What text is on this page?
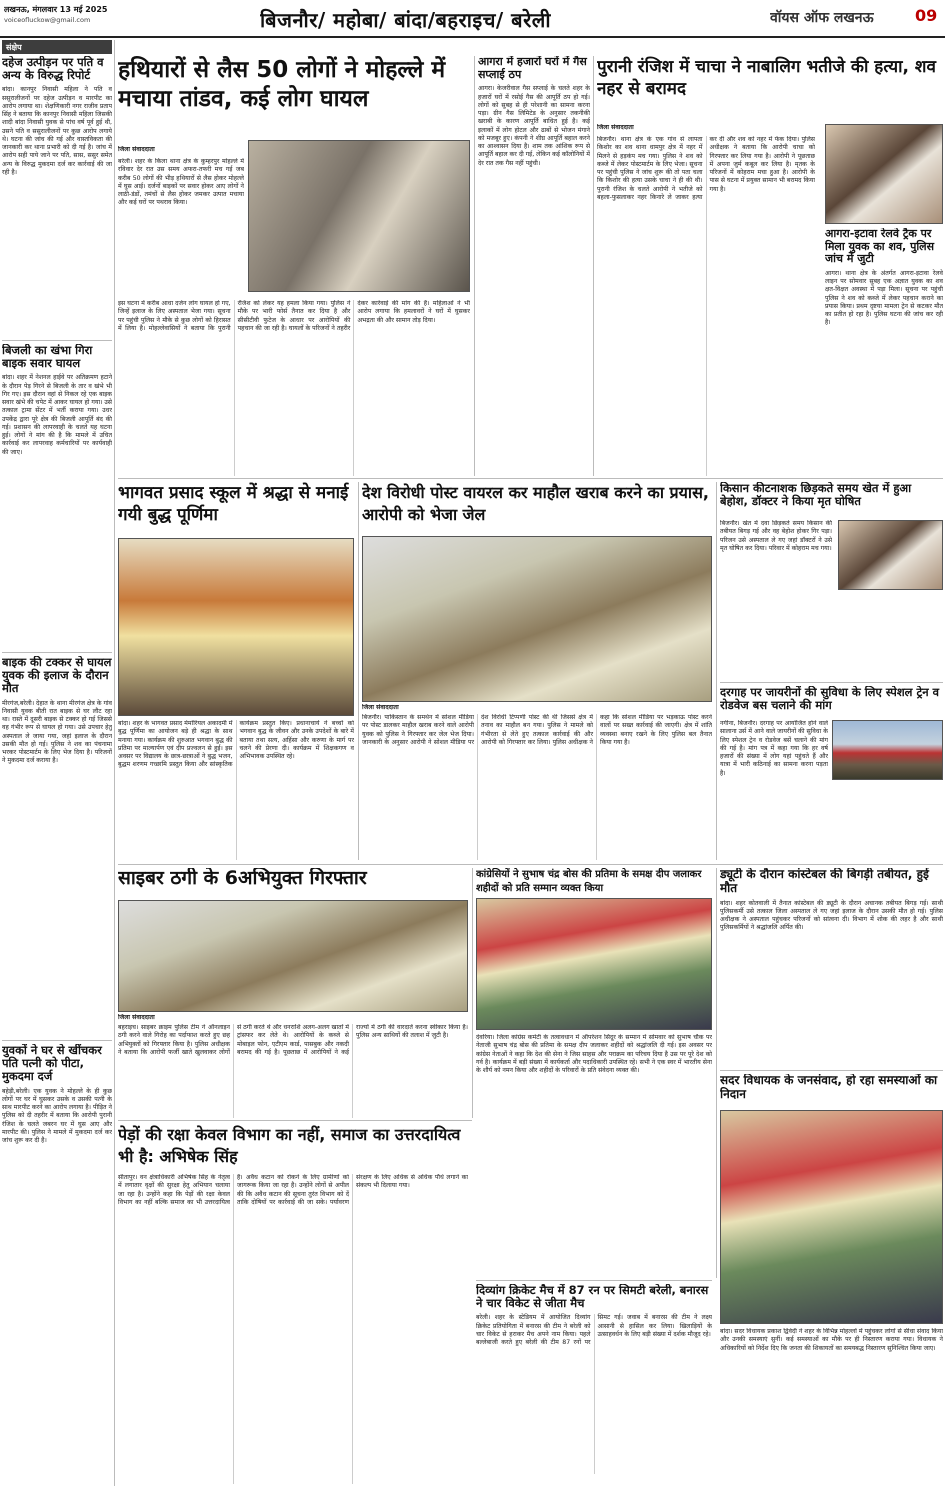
लखनऊ, मंगलवार 13 मई 2025
voiceofluckow@gmail.com	बिजनौर/ महोबा/ बांदा/बहराइच/ बरेली	वॉयस ऑफ लखनऊ	09
संक्षेप
दहेज उत्पीड़न पर पति व अन्य के विरुद्ध रिपोर्ट
बांदा। कानपुर निवासी महिला ने पति व ससुरालीजनों पर दहेज उत्पीड़न व मारपीट का आरोप लगाया था। शेक्षणिकारी नगर राजीव प्रताप सिंह ने बताया कि कानपुर निवासी महिला जिसकी शादी बांदा निवासी युवक से पांच वर्ष पूर्व हुई थी, उसने पति व ससुरालीजनों पर कुछ आरोप लगाये थे। घटना की जांच की गई और वास्तविकता की जानकारी कर थाना प्रभारी को दी गई है। जांच में आरोप सही पाये जाने पर पति, सास, ससुर समेत अन्य के विरुद्ध मुकदमा दर्ज कर कार्रवाई की जा रही है।
बिजली का खंभा गिरा बाइक सवार घायल
बांदा। शहर में नेशनल हाईवे पर अतिक्रमण हटाने के दौरान पेड़ गिरने से बिजली के तार व खंभे भी गिर गए। इस दौरान वहां से निकल रहे एक बाइक सवार खंभे की चपेट में आकर घायल हो गया। उसे तत्काल ट्रामा सेंटर में भर्ती कराया गया। उधर उपकेंद्र द्वारा पूरे क्षेत्र की बिजली आपूर्ति बंद की गई। प्रशासन की लापरवाही के चलते यह घटना हुई। लोगों ने मांग की है कि मामले में उचित कार्रवाई कर लापरवाह कर्मचारियों पर कार्यवाही की जाए।
बाइक की टक्कर से घायल युवक की इलाज के दौरान मौत
मीरगंज,बरेली। देहात के थाना मीरगंज क्षेत्र के गांव निवासी युवक बीती रात बाइक से घर लौट रहा था। रास्ते में दूसरी बाइक से टक्कर हो गई जिससे वह गंभीर रूप से घायल हो गया। उसे उपचार हेतु अस्पताल ले जाया गया, जहां इलाज के दौरान उसकी मौत हो गई। पुलिस ने शव का पंचनामा भरकर पोस्टमार्टम के लिए भेज दिया है। परिजनों ने मुकदमा दर्ज कराया है।
युवकों ने घर से खींचकर पति पत्नी को पीटा, मुकदमा दर्ज
बहेड़ी,बरेली। एक युवक ने मोहल्ले के ही कुछ लोगों पर घर में घुसकर उसके व उसकी पत्नी के साथ मारपीट करने का आरोप लगाया है। पीड़ित ने पुलिस को दी तहरीर में बताया कि आरोपी पुरानी रंजिश के चलते जबरन घर में घुस आए और मारपीट की। पुलिस ने मामले में मुकदमा दर्ज कर जांच शुरू कर दी है।
हथियारों से लैस 50 लोगों ने मोहल्ले में मचाया तांडव, कई लोग घायल
जिला संवाददाता
बरेली। शहर के किला थाना क्षेत्र के कुम्हरपुर मोहल्ले में रविवार देर रात उस समय अफरा-तफरी मच गई जब करीब 50 लोगों की भीड़ हथियारों से लैस होकर मोहल्ले में घुस आई। दर्जनों बाइकों पर सवार होकर आए लोगों ने लाठी-डंडों, तमंचों से लैस होकर जमकर उत्पात मचाया और कई घरों पर पथराव किया।
इस घटना में करीब आधा दर्जन लोग घायल हो गए, जिन्हें इलाज के लिए अस्पताल भेजा गया। सूचना पर पहुंची पुलिस ने मौके से कुछ लोगों को हिरासत में लिया है। मोहल्लेवासियों ने बताया कि पुरानी रंजिश को लेकर यह हमला किया गया। पुलिस ने मौके पर भारी फोर्स तैनात कर दिया है और सीसीटीवी फुटेज के आधार पर आरोपियों की पहचान की जा रही है। घायलों के परिजनों ने तहरीर देकर कार्रवाई की मांग की है। महिलाओं ने भी आरोप लगाया कि हमलावरों ने घरों में घुसकर अभद्रता की और सामान तोड़ दिया।
आगरा में हजारों घरों में गैस सप्लाई ठप
आगरा। केजरीवाल गैस सप्लाई के चलते शहर के हजारों घरों में रसोई गैस की आपूर्ति ठप हो गई। लोगों को सुबह से ही परेशानी का सामना करना पड़ा। ग्रीन गैस लिमिटेड के अनुसार तकनीकी खराबी के कारण आपूर्ति बाधित हुई है। कई इलाकों में लोग होटल और ढाबों से भोजन मंगाने को मजबूर हुए। कंपनी ने शीघ्र आपूर्ति बहाल करने का आश्वासन दिया है। शाम तक आंशिक रूप से आपूर्ति बहाल कर दी गई, लेकिन कई कॉलोनियों में देर रात तक गैस नहीं पहुंची।
पुरानी रंजिश में चाचा ने नाबालिग भतीजे की हत्या, शव नहर से बरामद
जिला संवाददाता
बिजनौर। थाना क्षेत्र के एक गांव से लापता किशोर का शव थाना धामपुर क्षेत्र में नहर में मिलने से हड़कंप मच गया। पुलिस ने शव को कब्जे में लेकर पोस्टमार्टम के लिए भेजा। सूचना पर पहुंची पुलिस ने जांच शुरू की तो पता चला कि किशोर की हत्या उसके चाचा ने ही की थी। पुरानी रंजिश के चलते आरोपी ने भतीजे को बहला-फुसलाकर नहर किनारे ले जाकर हत्या कर दी और शव को नहर में फेंक दिया। पुलिस अधीक्षक ने बताया कि आरोपी चाचा को गिरफ्तार कर लिया गया है। आरोपी ने पूछताछ में अपना जुर्म कबूल कर लिया है। मृतक के परिजनों में कोहराम मचा हुआ है। आरोपी के पास से घटना में प्रयुक्त सामान भी बरामद किया गया है।
आगरा-इटावा रेलवे ट्रैक पर मिला युवक का शव, पुलिस जांच में जुटी
आगरा। थाना क्षेत्र के अंतर्गत आगरा-इटावा रेलवे लाइन पर सोमवार सुबह एक अज्ञात युवक का शव क्षत-विक्षत अवस्था में पड़ा मिला। सूचना पर पहुंची पुलिस ने शव को कब्जे में लेकर पहचान कराने का प्रयास किया। प्रथम दृष्टया मामला ट्रेन से कटकर मौत का प्रतीत हो रहा है। पुलिस घटना की जांच कर रही है।
भागवत प्रसाद स्कूल में श्रद्धा से मनाई गयी बुद्ध पूर्णिमा
बांदा। शहर के भागवत प्रसाद मेमोरियल अकादमी में बुद्ध पूर्णिमा का आयोजन बड़े ही श्रद्धा के साथ मनाया गया। कार्यक्रम की शुरुआत भगवान बुद्ध की प्रतिमा पर माल्यार्पण एवं दीप प्रज्वलन से हुई। इस अवसर पर विद्यालय के छात्र-छात्राओं ने बुद्ध भजन, बुद्धम शरणम गच्छामि प्रस्तुत किया और सांस्कृतिक कार्यक्रम प्रस्तुत किए। प्रधानाचार्य ने बच्चों को भगवान बुद्ध के जीवन और उनके उपदेशों के बारे में बताया तथा सत्य, अहिंसा और करुणा के मार्ग पर चलने की प्रेरणा दी। कार्यक्रम में शिक्षकगण व अभिभावक उपस्थित रहे।
देश विरोधी पोस्ट वायरल कर माहौल खराब करने का प्रयास, आरोपी को भेजा जेल
जिला संवाददाता
बिजनौर। पाकिस्तान के समर्थन में सोशल मीडिया पर पोस्ट डालकर माहौल खराब करने वाले आरोपी युवक को पुलिस ने गिरफ्तार कर जेल भेज दिया। जानकारी के अनुसार आरोपी ने सोशल मीडिया पर देश विरोधी टिप्पणी पोस्ट की थी जिससे क्षेत्र में तनाव का माहौल बन गया। पुलिस ने मामले को गंभीरता से लेते हुए तत्काल कार्रवाई की और आरोपी को गिरफ्तार कर लिया। पुलिस अधीक्षक ने कहा कि सोशल मीडिया पर भड़काऊ पोस्ट करने वालों पर सख्त कार्रवाई की जाएगी। क्षेत्र में शांति व्यवस्था बनाए रखने के लिए पुलिस बल तैनात किया गया है।
किसान कीटनाशक छिड़कते समय खेत में हुआ बेहोश, डॉक्टर ने किया मृत घोषित
बिजनौर। खेत में दवा छिड़कते समय किसान की तबीयत बिगड़ गई और वह बेहोश होकर गिर पड़ा। परिजन उसे अस्पताल ले गए जहां डॉक्टरों ने उसे मृत घोषित कर दिया। परिवार में कोहराम मच गया।
दरगाह पर जायरीनों की सुविधा के लिए स्पेशल ट्रेन व रोडवेज बस चलाने की मांग
नगीना, बिजनौर। दरगाह पर आयोजित होने वाले सालाना उर्स में आने वाले जायरीनों की सुविधा के लिए स्पेशल ट्रेन व रोडवेज बसें चलाने की मांग की गई है। मांग पत्र में कहा गया कि हर वर्ष हजारों की संख्या में लोग यहां पहुंचते हैं और यात्रा में भारी कठिनाई का सामना करना पड़ता है।
साइबर ठगी के 6अभियुक्त गिरफ्तार
जिला संवाददाता
बहराइच। साइबर क्राइम पुलिस टीम ने ऑनलाइन ठगी करने वाले गिरोह का पर्दाफाश करते हुए छह अभियुक्तों को गिरफ्तार किया है। पुलिस अधीक्षक ने बताया कि आरोपी फर्जी खाते खुलवाकर लोगों से ठगी करते थे और धनराशि अलग-अलग खातों में ट्रांसफर कर लेते थे। आरोपियों के कब्जे से मोबाइल फोन, एटीएम कार्ड, पासबुक और नकदी बरामद की गई है। पूछताछ में आरोपियों ने कई राज्यों में ठगी की वारदातें करना स्वीकार किया है। पुलिस अन्य साथियों की तलाश में जुटी है।
कांग्रेसियों ने सुभाष चंद्र बोस की प्रतिमा के समक्ष दीप जलाकर शहीदों को प्रति सम्मान व्यक्त किया
देवरिया। जिला कांग्रेस कमेटी के तत्वावधान में ऑपरेशन सिंदूर के सम्मान में सोमवार को सुभाष चौक पर नेताजी सुभाष चंद्र बोस की प्रतिमा के समक्ष दीप जलाकर शहीदों को श्रद्धांजलि दी गई। इस अवसर पर कांग्रेस नेताओं ने कहा कि देश की सेना ने जिस साहस और पराक्रम का परिचय दिया है उस पर पूरे देश को गर्व है। कार्यक्रम में बड़ी संख्या में कार्यकर्ता और पदाधिकारी उपस्थित रहे। सभी ने एक स्वर में भारतीय सेना के शौर्य को नमन किया और शहीदों के परिवारों के प्रति संवेदना व्यक्त की।
ड्यूटी के दौरान कांस्टेबल की बिगड़ी तबीयत, हुई मौत
बांदा। शहर कोतवाली में तैनात कांस्टेबल की ड्यूटी के दौरान अचानक तबीयत बिगड़ गई। साथी पुलिसकर्मी उसे तत्काल जिला अस्पताल ले गए जहां इलाज के दौरान उसकी मौत हो गई। पुलिस अधीक्षक ने अस्पताल पहुंचकर परिजनों को सांत्वना दी। विभाग में शोक की लहर है और साथी पुलिसकर्मियों ने श्रद्धांजलि अर्पित की।
सदर विधायक के जनसंवाद, हो रहा समस्याओं का निदान
बांदा। सदर विधायक प्रकाश द्विवेदी ने शहर के विभिन्न मोहल्लों में पहुंचकर लोगों से सीधा संवाद किया और उनकी समस्याएं सुनीं। कई समस्याओं का मौके पर ही निस्तारण कराया गया। विधायक ने अधिकारियों को निर्देश दिए कि जनता की शिकायतों का समयबद्ध निस्तारण सुनिश्चित किया जाए।
पेड़ों की रक्षा केवल विभाग का नहीं, समाज का उत्तरदायित्व भी है: अभिषेक सिंह
सीतापुर। वन क्षेत्राधिकारी अभिषेक सिंह के नेतृत्व में लगातार वृक्षों की सुरक्षा हेतु अभियान चलाया जा रहा है। उन्होंने कहा कि पेड़ों की रक्षा केवल विभाग का नहीं बल्कि समाज का भी उत्तरदायित्व है। अवैध कटान को रोकने के लिए ग्रामीणों को जागरूक किया जा रहा है। उन्होंने लोगों से अपील की कि अवैध कटान की सूचना तुरंत विभाग को दें ताकि दोषियों पर कार्रवाई की जा सके। पर्यावरण संरक्षण के लिए अधिक से अधिक पौधे लगाने का संकल्प भी दिलाया गया।
दिव्यांग क्रिकेट मैच में 87 रन पर सिमटी बरेली, बनारस ने चार विकेट से जीता मैच
बरेली। शहर के स्टेडियम में आयोजित दिव्यांग क्रिकेट प्रतियोगिता में बनारस की टीम ने बरेली को चार विकेट से हराकर मैच अपने नाम किया। पहले बल्लेबाजी करते हुए बरेली की टीम 87 रनों पर सिमट गई। जवाब में बनारस की टीम ने लक्ष्य आसानी से हासिल कर लिया। खिलाड़ियों के उत्साहवर्धन के लिए बड़ी संख्या में दर्शक मौजूद रहे।
